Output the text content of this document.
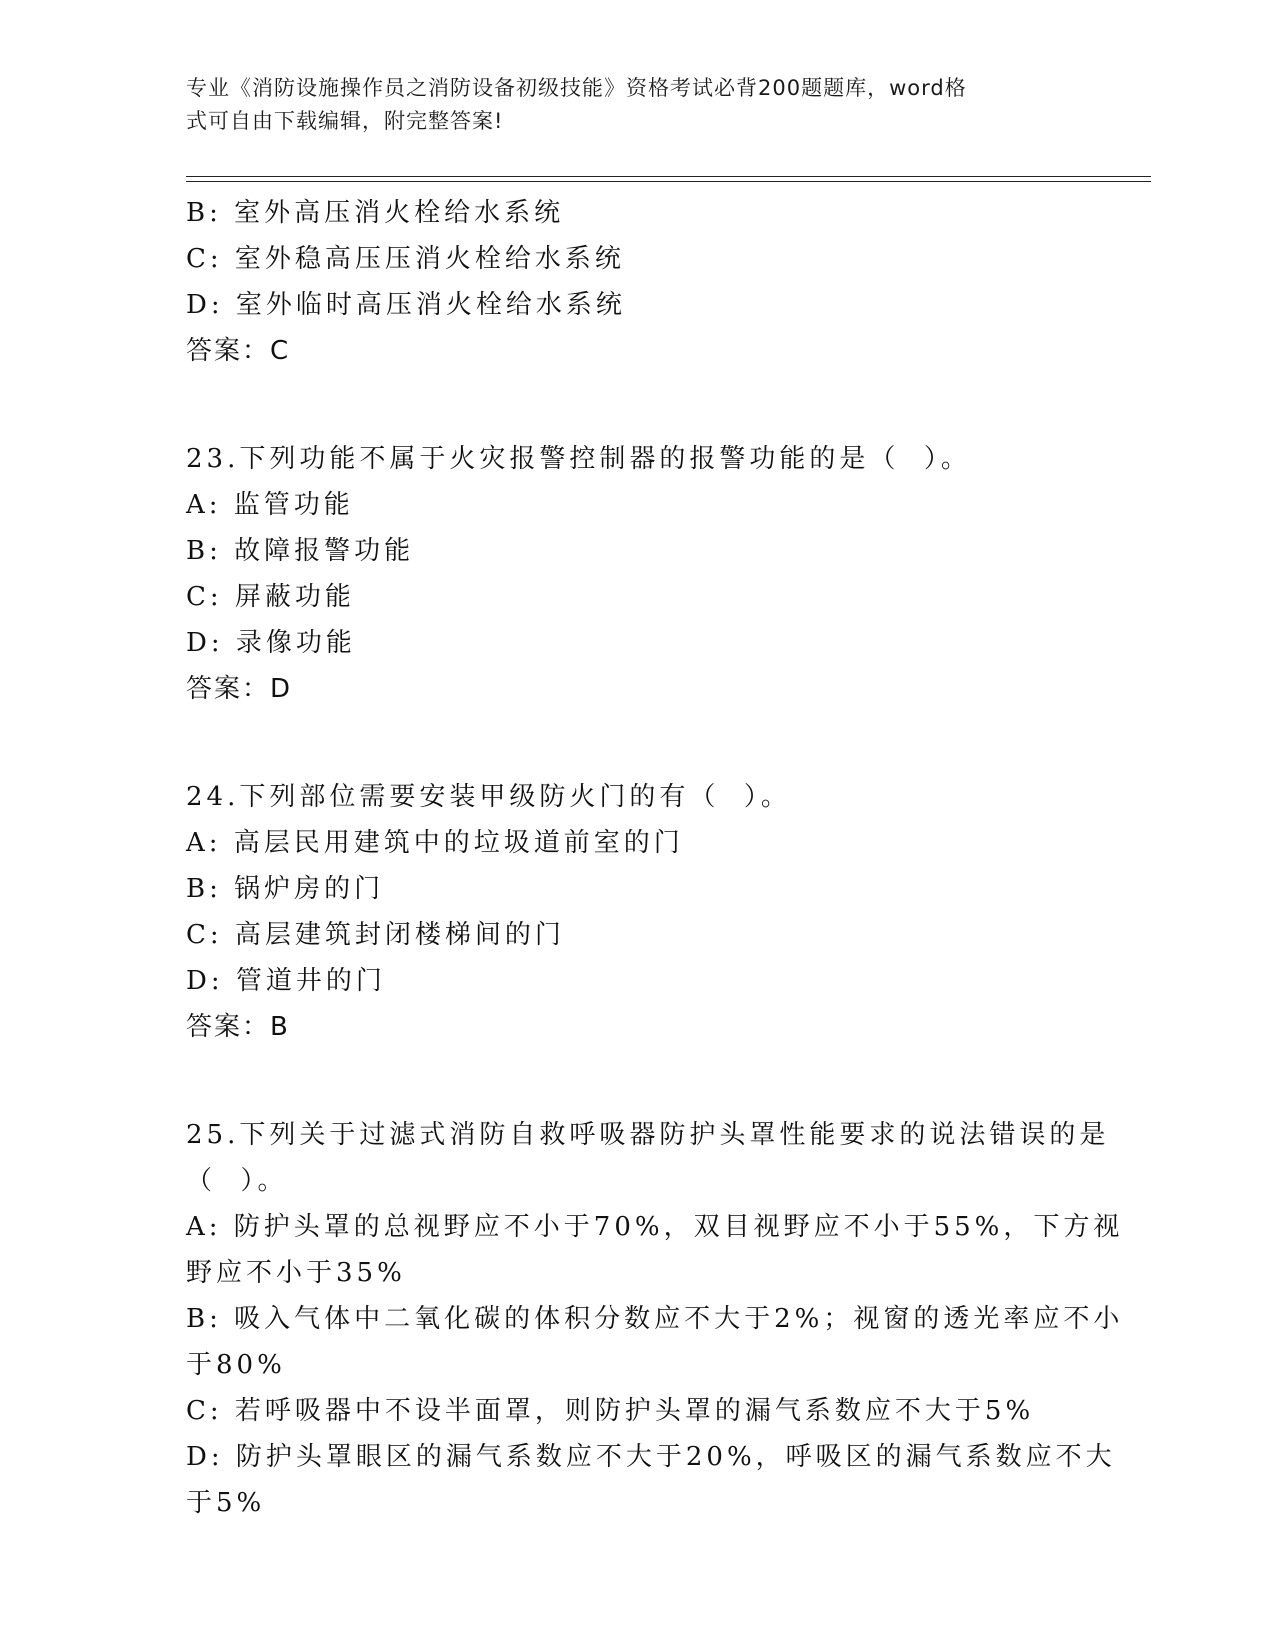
专业《消防设施操作员之消防设备初级技能》资格考试必背200题题库，word格
式可自由下载编辑，附完整答案!
B: 室外高压消火栓给水系统
C: 室外稳高压压消火栓给水系统
D: 室外临时高压消火栓给水系统
答案：C
23.下列功能不属于火灾报警控制器的报警功能的是（  ）。
A: 监管功能
B: 故障报警功能
C: 屏蔽功能
D: 录像功能
答案：D
24.下列部位需要安装甲级防火门的有（  ）。
A: 高层民用建筑中的垃圾道前室的门
B: 锅炉房的门
C: 高层建筑封闭楼梯间的门
D: 管道井的门
答案：B
25.下列关于过滤式消防自救呼吸器防护头罩性能要求的说法错误的是
（  ）。
A: 防护头罩的总视野应不小于70%，双目视野应不小于55%，下方视
野应不小于35%
B: 吸入气体中二氧化碳的体积分数应不大于2%；视窗的透光率应不小
于80%
C: 若呼吸器中不设半面罩，则防护头罩的漏气系数应不大于5%
D: 防护头罩眼区的漏气系数应不大于20%，呼吸区的漏气系数应不大
于5%
